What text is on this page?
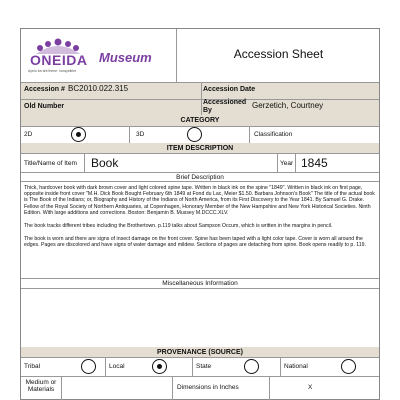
ONEIDA
Ayelu·ka·ahi·lhene· Ionayelkhe
Museum	Accession Sheet
Accession # BC2010.022.315	Accession Date
Old Number
Accessioned By	Gerzetich, Courtney
CATEGORY
2D	3D	Classification
ITEM DESCRIPTION
Title/Name of Item Book	Year 1845
Brief Description
Thick, hardcover book with dark brown cover and light colored spine tape. Written in black ink on the spine "1849". Written in black ink on first page, opposite inside front cover "M.H. Dick Book Bought February 6th 1849 at Fond du Lac, Meier $1.50. Barbara Johnson's Book" The title of the actual book is The Book of the Indians; or, Biography and History of the Indians of North America, from its First Discovery to the Year 1841. By Samuel G. Drake. Fellow of the Royal Society of Northern Antiquaries, at Copenhagen, Honorary Member of the New Hampshire and New York Historical Societies. Ninth Edition. With large additions and corrections. Boston: Benjamin B. Mussey M.DCCC.XLV.
The book tracks different tribes including the Brothertown. p.119 talks about Sampson Occum, which is written in the margins in pencil.
The book is worn and there are signs of insect damage on the front cover. Spine has been taped with a light color tape. Cover is worn all around the edges. Pages are discolored and have signs of water damage and mildew. Sections of pages are detaching from spine. Book opens readily to p. 119.
Miscellaneous Information
PROVENANCE (SOURCE)
Tribal	Local	State	National
Medium or Materials	Dimensions in Inches	X
